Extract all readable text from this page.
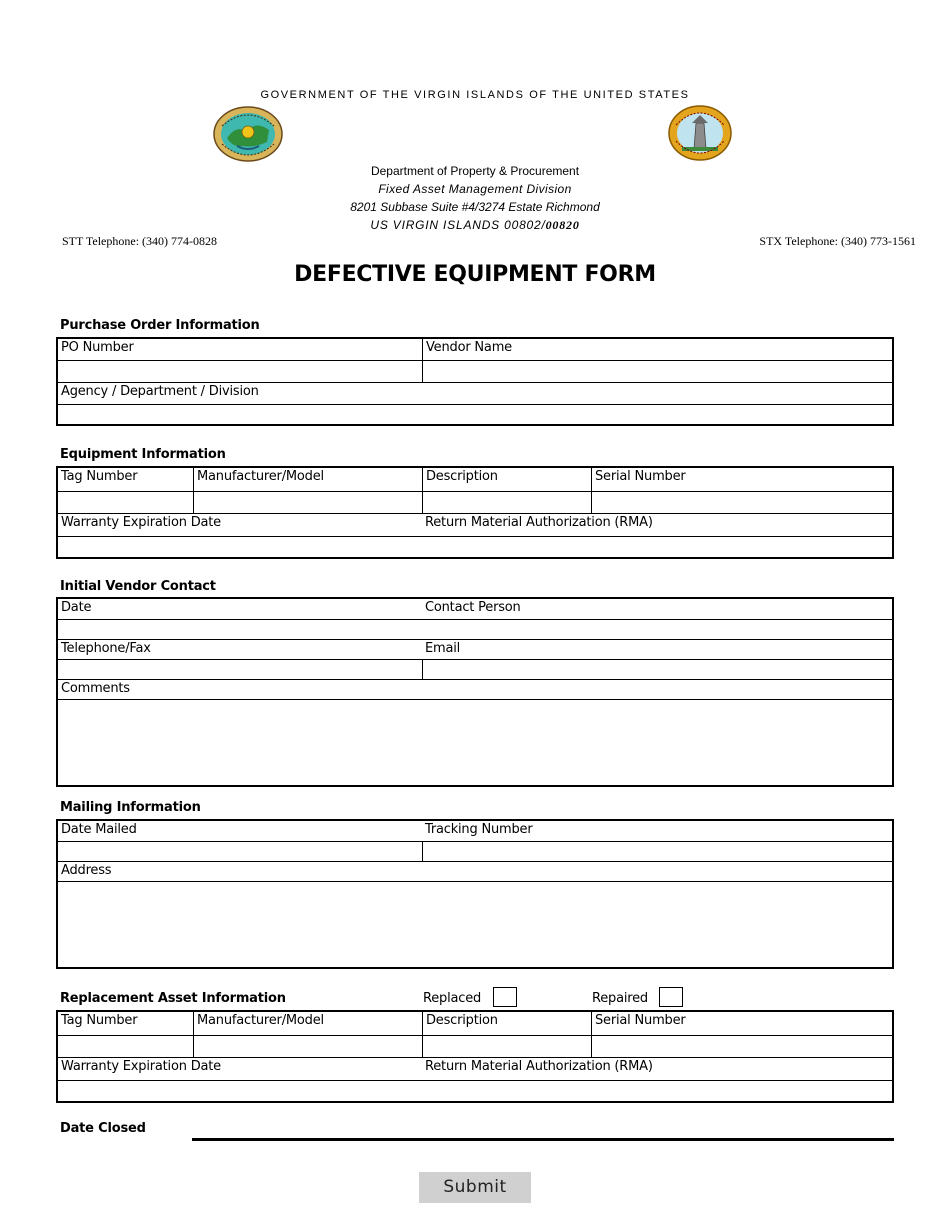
GOVERNMENT OF THE VIRGIN ISLANDS OF THE UNITED STATES
Department of Property & Procurement
Fixed Asset Management Division
8201 Subbase Suite #4/3274 Estate Richmond
US VIRGIN ISLANDS 00802/00820
STT Telephone: (340) 774-0828	STX Telephone: (340) 773-1561
DEFECTIVE EQUIPMENT FORM
Purchase Order Information
PO Number	Vendor Name
Agency / Department / Division
Equipment Information
Tag Number	Manufacturer/Model	Description	Serial Number
Warranty Expiration Date	Return Material Authorization (RMA)
Initial Vendor Contact
Date	Contact Person
Telephone/Fax	Email
Comments
Mailing Information
Date Mailed	Tracking Number
Address
Replacement Asset Information	Replaced	Repaired
Tag Number	Manufacturer/Model	Description	Serial Number
Warranty Expiration Date	Return Material Authorization (RMA)
Date Closed
Submit
